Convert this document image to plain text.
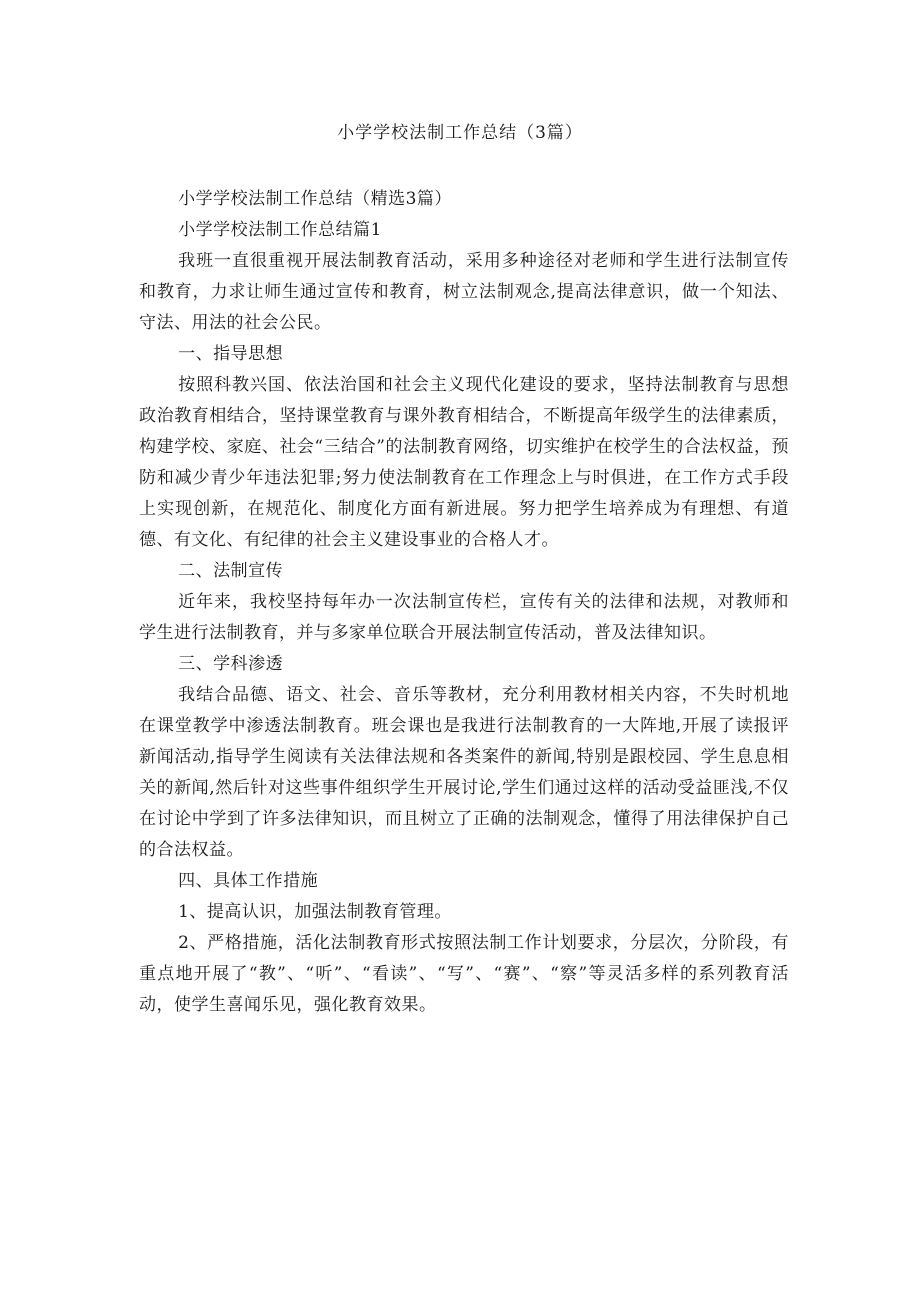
小学学校法制工作总结（3篇）

小学学校法制工作总结（精选3篇）

小学学校法制工作总结篇1

我班一直很重视开展法制教育活动，采用多种途径对老师和学生进行法制宣传和教育，力求让师生通过宣传和教育，树立法制观念,提高法律意识，做一个知法、守法、用法的社会公民。

一、指导思想

按照科教兴国、依法治国和社会主义现代化建设的要求，坚持法制教育与思想政治教育相结合，坚持课堂教育与课外教育相结合，不断提高年级学生的法律素质，构建学校、家庭、社会“三结合”的法制教育网络，切实维护在校学生的合法权益，预防和减少青少年违法犯罪;努力使法制教育在工作理念上与时俱进，在工作方式手段上实现创新，在规范化、制度化方面有新进展。努力把学生培养成为有理想、有道德、有文化、有纪律的社会主义建设事业的合格人才。

二、法制宣传

近年来，我校坚持每年办一次法制宣传栏，宣传有关的法律和法规，对教师和学生进行法制教育，并与多家单位联合开展法制宣传活动，普及法律知识。

三、学科渗透

我结合品德、语文、社会、音乐等教材，充分利用教材相关内容，不失时机地在课堂教学中渗透法制教育。班会课也是我进行法制教育的一大阵地,开展了读报评新闻活动,指导学生阅读有关法律法规和各类案件的新闻,特别是跟校园、学生息息相关的新闻,然后针对这些事件组织学生开展讨论,学生们通过这样的活动受益匪浅,不仅在讨论中学到了许多法律知识，而且树立了正确的法制观念，懂得了用法律保护自己的合法权益。

四、具体工作措施

1、提高认识，加强法制教育管理。

2、严格措施，活化法制教育形式按照法制工作计划要求，分层次，分阶段，有重点地开展了“教”、“听”、“看读”、“写”、“赛”、“察”等灵活多样的系列教育活动，使学生喜闻乐见，强化教育效果。
